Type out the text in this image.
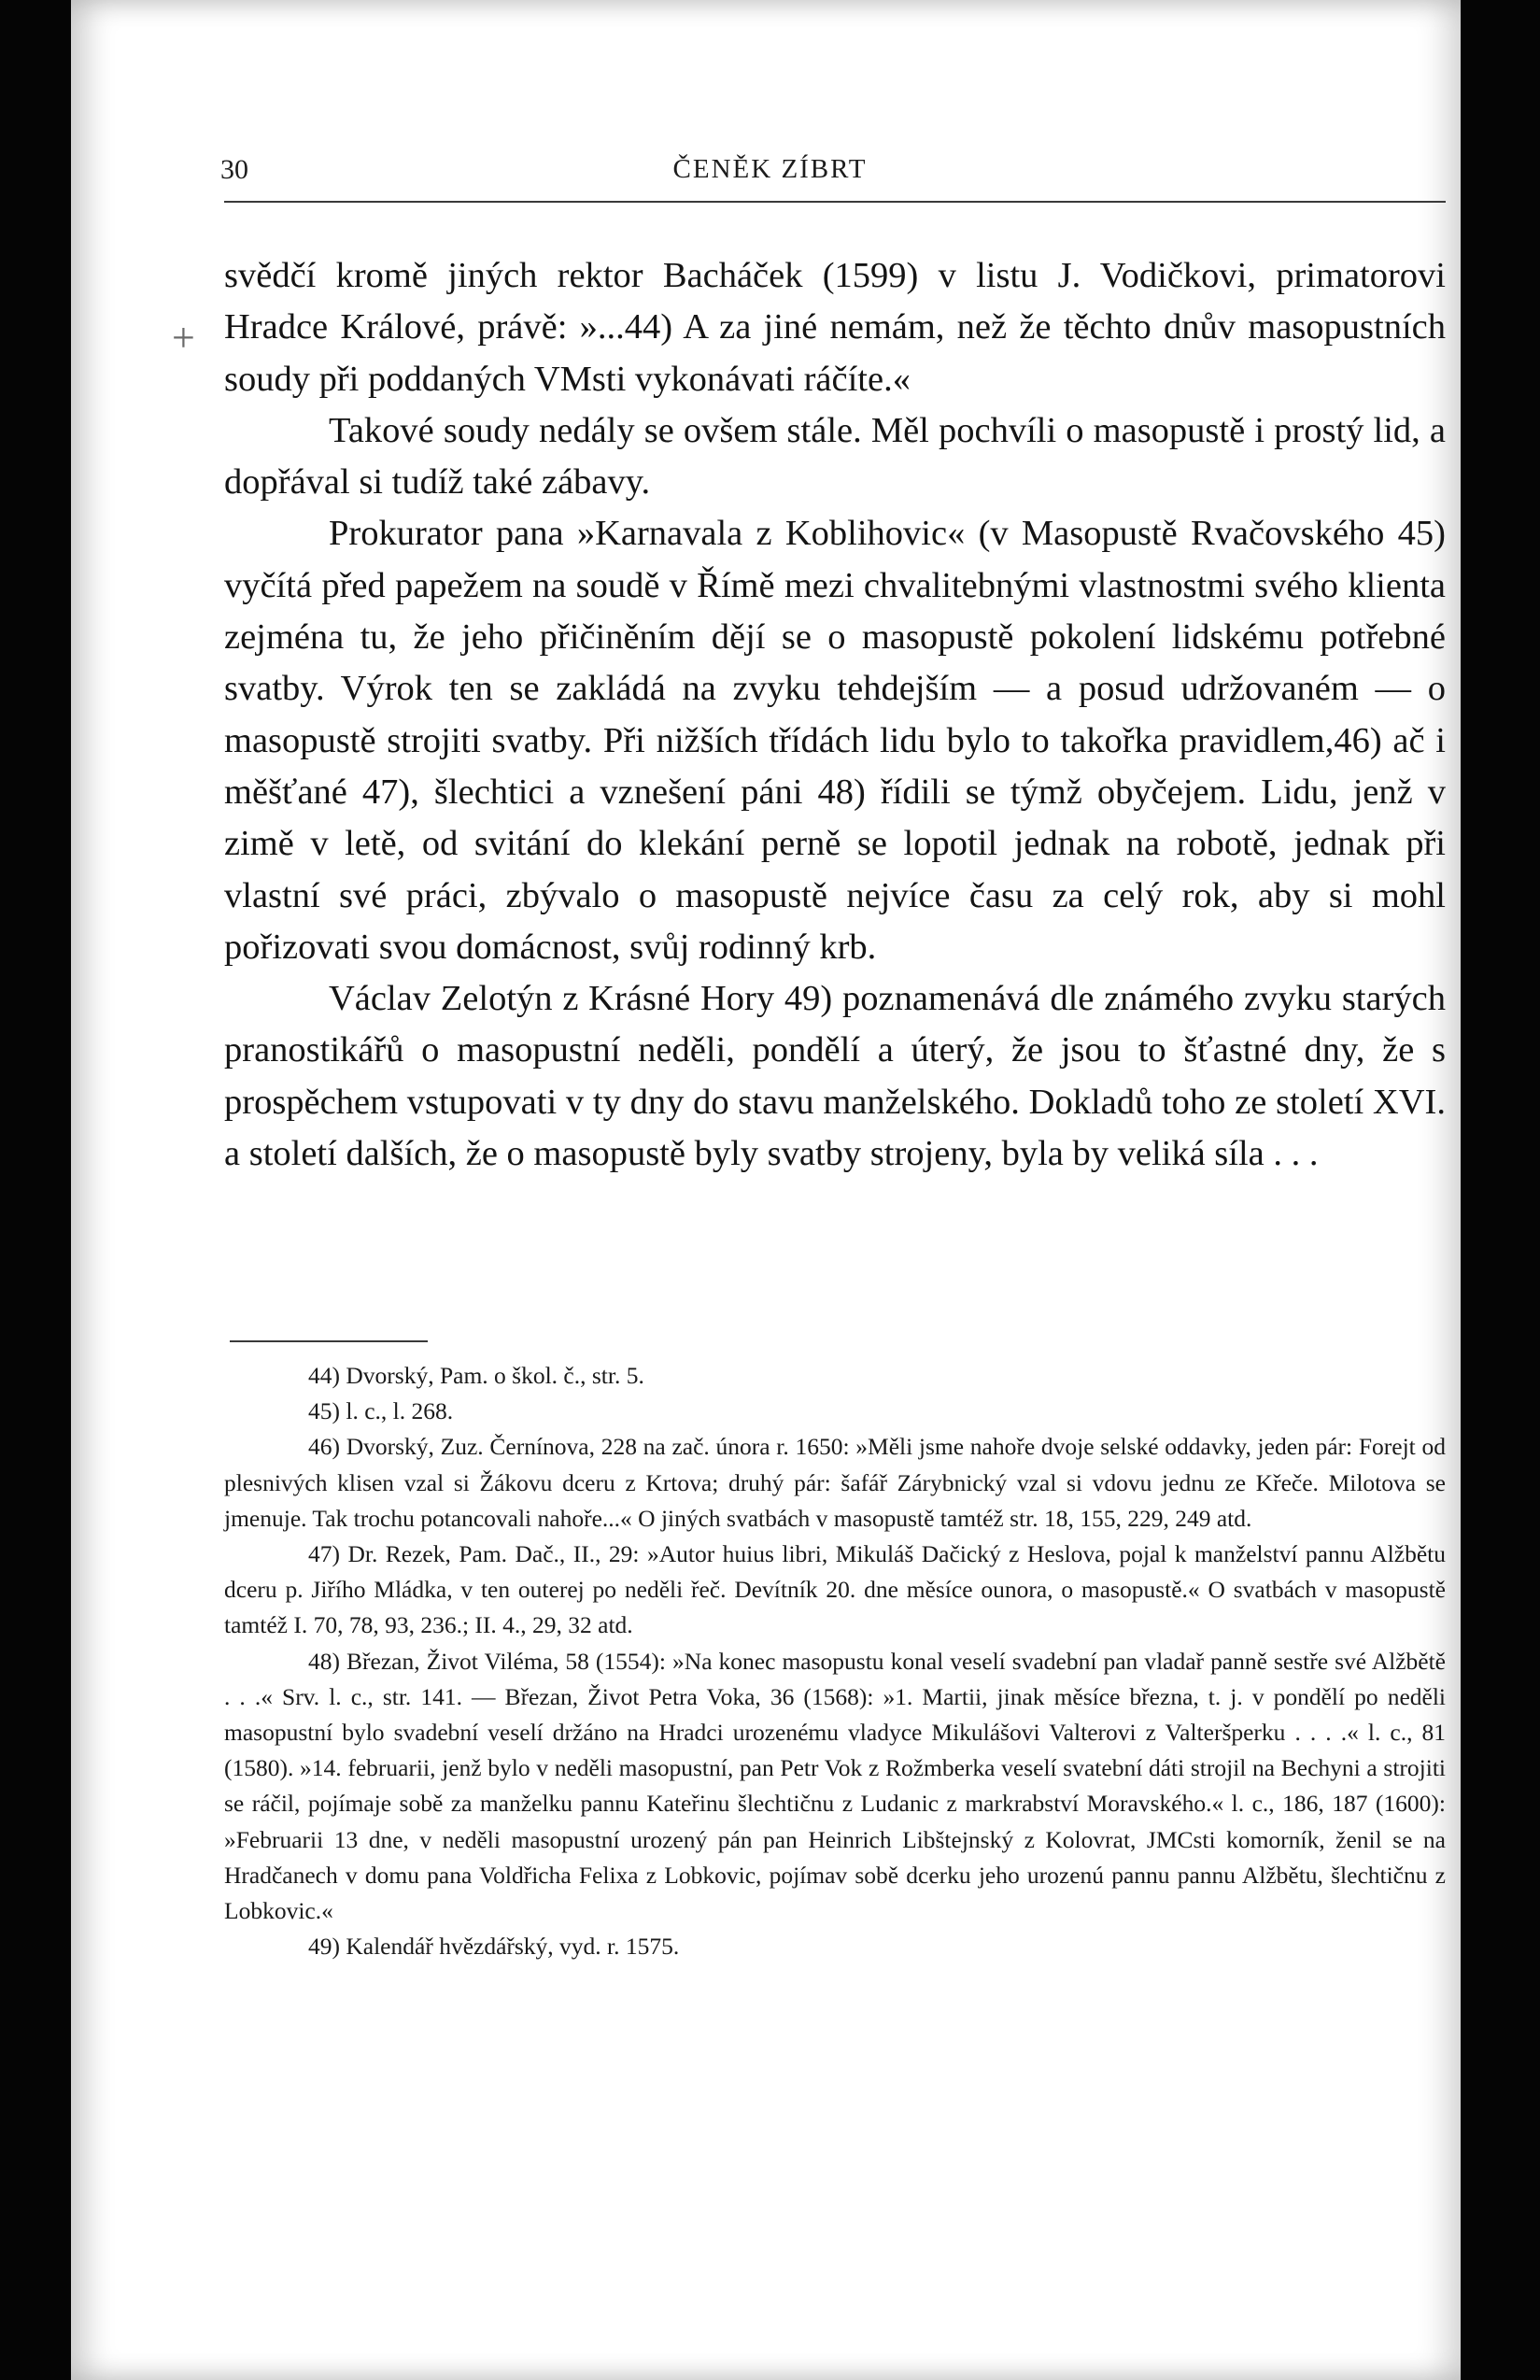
30	ČENĚK ZÍBRT
+

svědčí kromě jiných rektor Bacháček (1599) v listu J. Vodičkovi, primatorovi Hradce Králové, právě: »...44) A za jiné nemám, než že těchto dnův masopustních soudy při poddaných VMsti vykonávati ráčíte.«

Takové soudy nedály se ovšem stále. Měl pochvíli o masopustě i prostý lid, a dopřával si tudíž také zábavy.

Prokurator pana »Karnavala z Koblihovic« (v Masopustě Rvačovského 45) vyčítá před papežem na soudě v Římě mezi chvalitebnými vlastnostmi svého klienta zejména tu, že jeho přičiněním dějí se o masopustě pokolení lidskému potřebné svatby. Výrok ten se zakládá na zvyku tehdejším — a posud udržovaném — o masopustě strojiti svatby. Při nižších třídách lidu bylo to takořka pravidlem,46) ač i měšťané 47), šlechtici a vznešení páni 48) řídili se týmž obyčejem. Lidu, jenž v zimě v letě, od svitání do klekání perně se lopotil jednak na robotě, jednak při vlastní své práci, zbývalo o masopustě nejvíce času za celý rok, aby si mohl pořizovati svou domácnost, svůj rodinný krb.

Václav Zelotýn z Krásné Hory 49) poznamenává dle známého zvyku starých pranostikářů o masopustní neděli, pondělí a úterý, že jsou to šťastné dny, že s prospěchem vstupovati v ty dny do stavu manželského. Dokladů toho ze století XVI. a století dalších, že o masopustě byly svatby strojeny, byla by veliká síla . . .

44) Dvorský, Pam. o škol. č., str. 5.

45) l. c., l. 268.

46) Dvorský, Zuz. Černínova, 228 na zač. února r. 1650: »Měli jsme nahoře dvoje selské oddavky, jeden pár: Forejt od plesnivých klisen vzal si Žákovu dceru z Krtova; druhý pár: šafář Zárybnický vzal si vdovu jednu ze Křeče. Milotova se jmenuje. Tak trochu potancovali nahoře...« O jiných svatbách v masopustě tamtéž str. 18, 155, 229, 249 atd.

47) Dr. Rezek, Pam. Dač., II., 29: »Autor huius libri, Mikuláš Dačický z Heslova, pojal k manželství pannu Alžbětu dceru p. Jiřího Mládka, v ten outerej po neděli řeč. Devítník 20. dne měsíce ounora, o masopustě.« O svatbách v masopustě tamtéž I. 70, 78, 93, 236.; II. 4., 29, 32 atd.

48) Březan, Život Viléma, 58 (1554): »Na konec masopustu konal veselí svadební pan vladař panně sestře své Alžbětě . . .« Srv. l. c., str. 141. — Březan, Život Petra Voka, 36 (1568): »1. Martii, jinak měsíce března, t. j. v pondělí po neděli masopustní bylo svadební veselí držáno na Hradci urozenému vladyce Mikulášovi Valterovi z Valteršperku . . . .« l. c., 81 (1580). »14. februarii, jenž bylo v neděli masopustní, pan Petr Vok z Rožmberka veselí svatební dáti strojil na Bechyni a strojiti se ráčil, pojímaje sobě za manželku pannu Kateřinu šlechtičnu z Ludanic z markrabství Moravského.« l. c., 186, 187 (1600): »Februarii 13 dne, v neděli masopustní urozený pán pan Heinrich Libštejnský z Kolovrat, JMCsti komorník, ženil se na Hradčanech v domu pana Voldřicha Felixa z Lobkovic, pojímav sobě dcerku jeho urozenú pannu pannu Alžbětu, šlechtičnu z Lobkovic.«

49) Kalendář hvězdářský, vyd. r. 1575.
